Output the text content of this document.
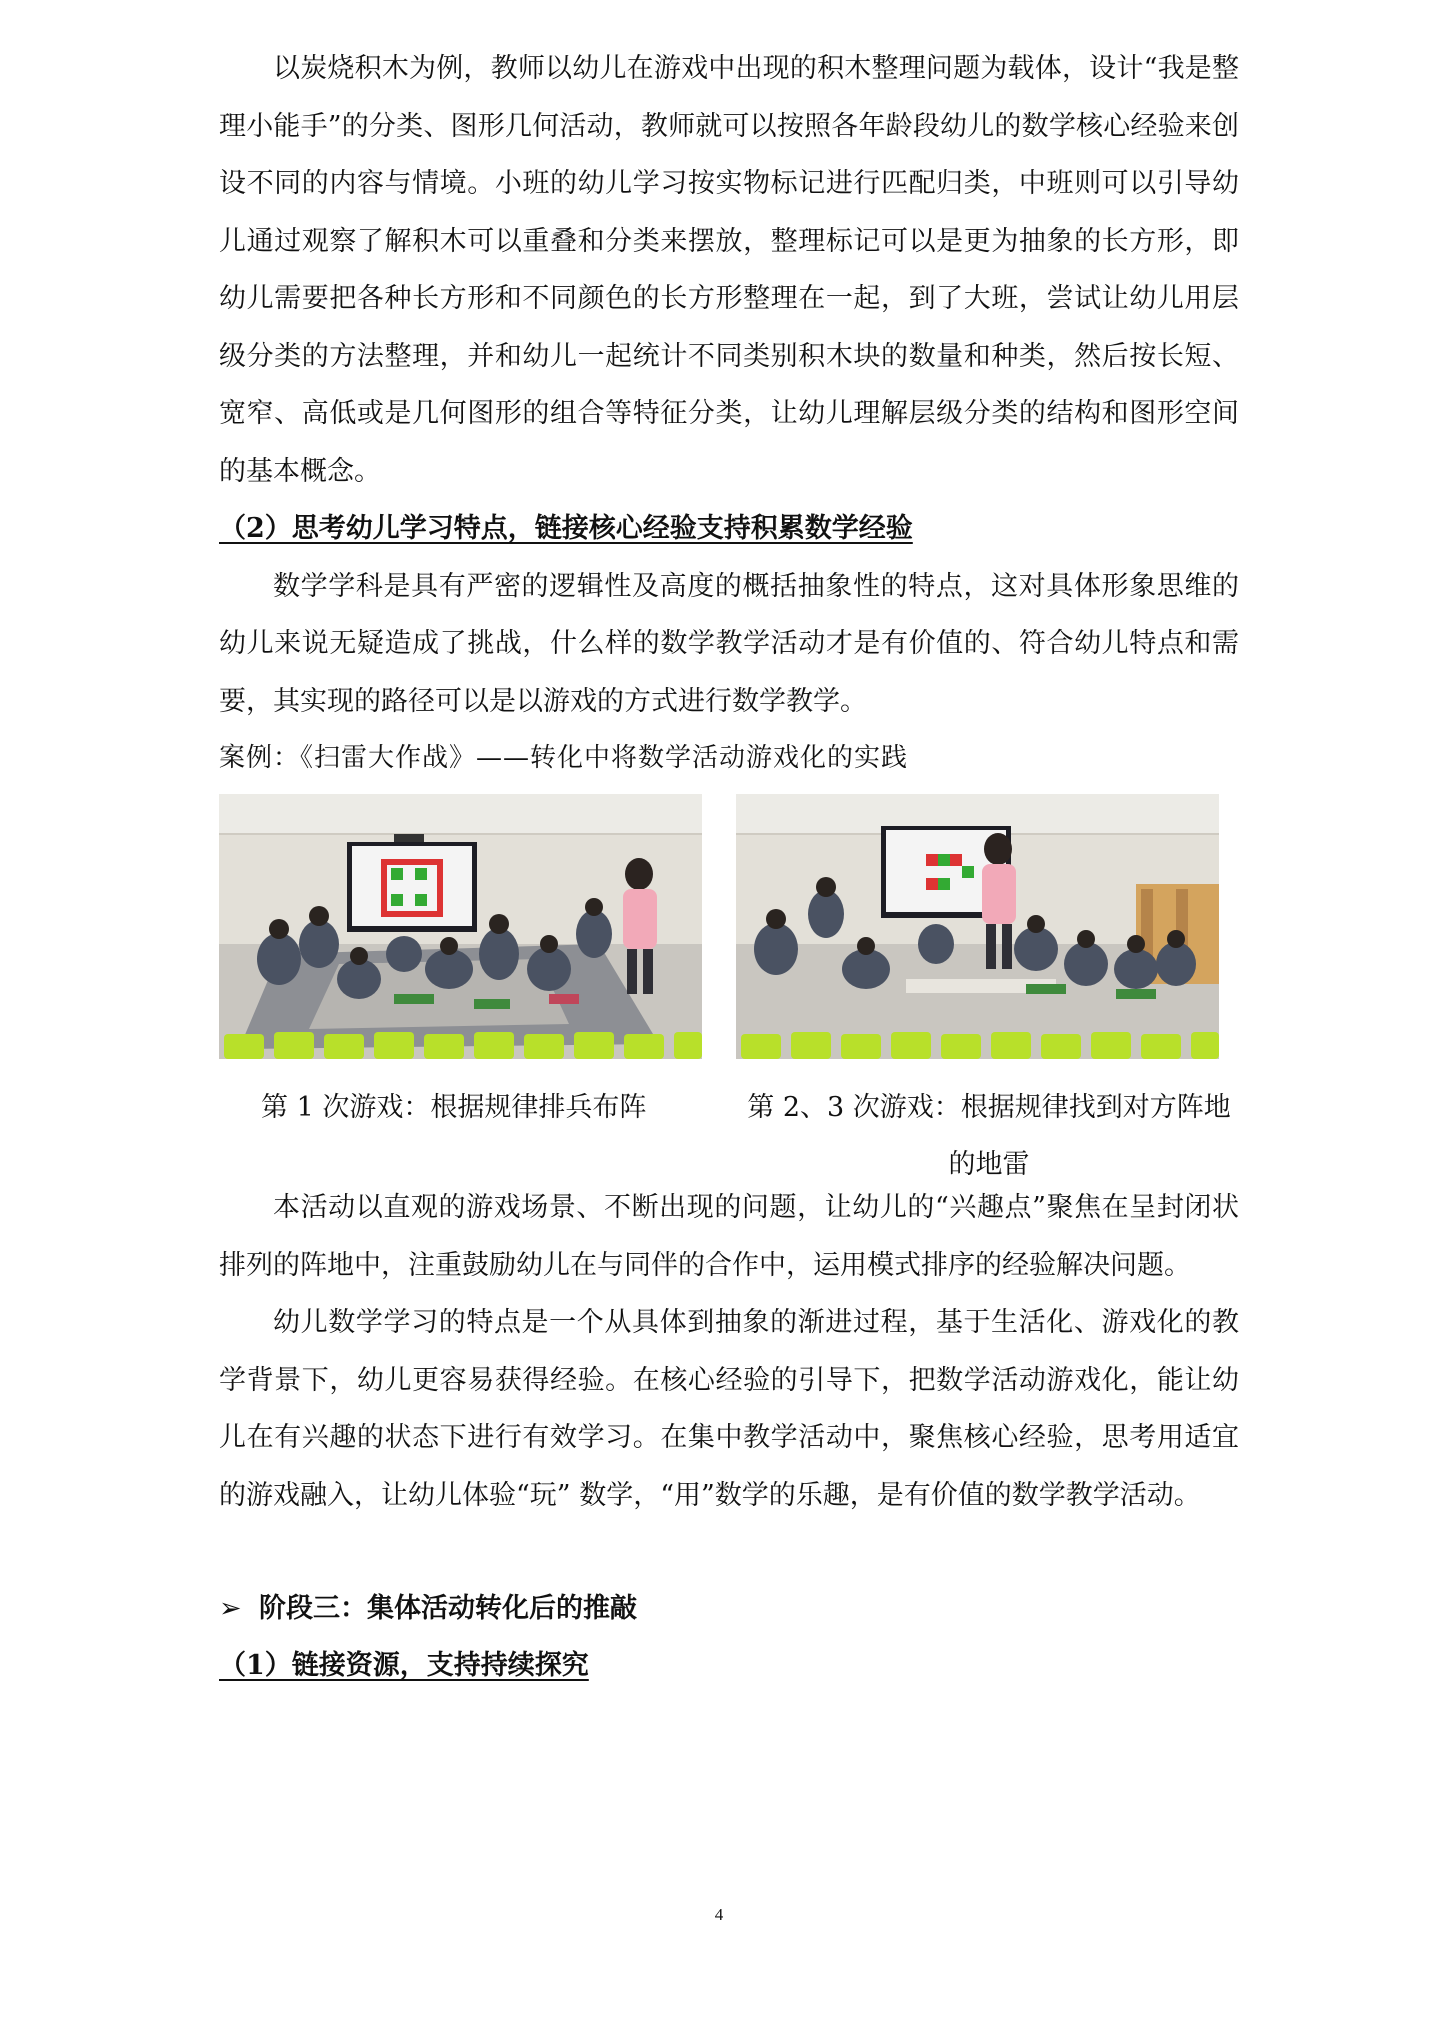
以炭烧积木为例，教师以幼儿在游戏中出现的积木整理问题为载体，设计“我是整理小能手”的分类、图形几何活动，教师就可以按照各年龄段幼儿的数学核心经验来创设不同的内容与情境。小班的幼儿学习按实物标记进行匹配归类，中班则可以引导幼儿通过观察了解积木可以重叠和分类来摆放，整理标记可以是更为抽象的长方形，即幼儿需要把各种长方形和不同颜色的长方形整理在一起，到了大班，尝试让幼儿用层级分类的方法整理，并和幼儿一起统计不同类别积木块的数量和种类，然后按长短、宽窄、高低或是几何图形的组合等特征分类，让幼儿理解层级分类的结构和图形空间的基本概念。

（2）思考幼儿学习特点，链接核心经验支持积累数学经验

数学学科是具有严密的逻辑性及高度的概括抽象性的特点，这对具体形象思维的幼儿来说无疑造成了挑战，什么样的数学教学活动才是有价值的、符合幼儿特点和需要，其实现的路径可以是以游戏的方式进行数学教学。

案例：《扫雷大作战》——转化中将数学活动游戏化的实践

第 1 次游戏：根据规律排兵布阵	第 2、3 次游戏：根据规律找到对方阵地的地雷

本活动以直观的游戏场景、不断出现的问题，让幼儿的“兴趣点”聚焦在呈封闭状排列的阵地中，注重鼓励幼儿在与同伴的合作中，运用模式排序的经验解决问题。

幼儿数学学习的特点是一个从具体到抽象的渐进过程，基于生活化、游戏化的教学背景下，幼儿更容易获得经验。在核心经验的引导下，把数学活动游戏化，能让幼儿在有兴趣的状态下进行有效学习。在集中教学活动中，聚焦核心经验，思考用适宜的游戏融入，让幼儿体验“玩” 数学，“用”数学的乐趣，是有价值的数学教学活动。

➢ 阶段三：集体活动转化后的推敲

（1）链接资源，支持持续探究

4
